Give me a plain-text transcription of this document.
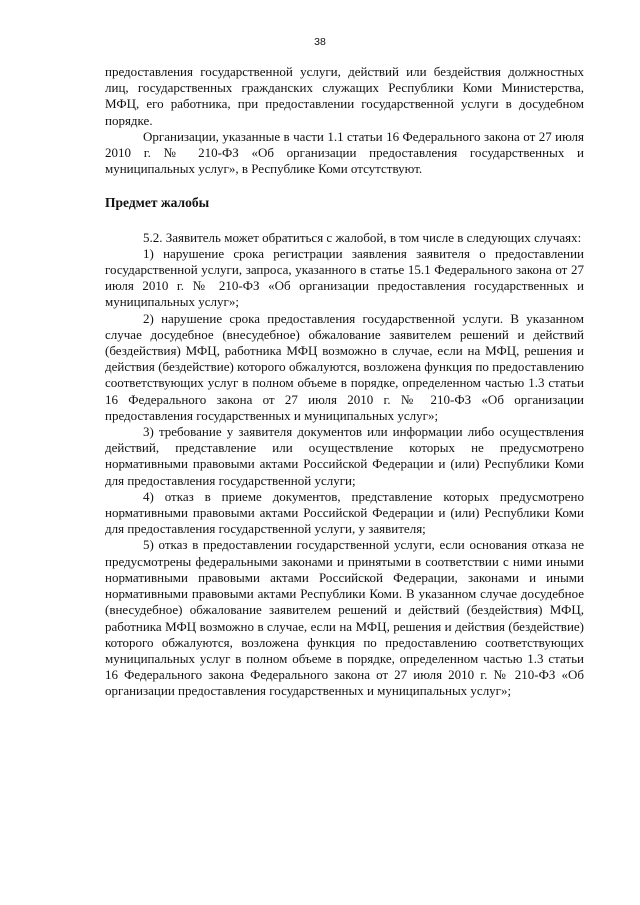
38

предоставления государственной услуги, действий или бездействия должностных лиц, государственных гражданских служащих Республики Коми Министерства, МФЦ, его работника, при предоставлении государственной услуги в досудебном порядке.

Организации, указанные в части 1.1 статьи 16 Федерального закона от 27 июля 2010 г. № 210-ФЗ «Об организации предоставления государственных и муниципальных услуг», в Республике Коми отсутствуют.

Предмет жалобы

5.2. Заявитель может обратиться с жалобой, в том числе в следующих случаях:

1) нарушение срока регистрации заявления заявителя о предоставлении государственной услуги, запроса, указанного в статье 15.1 Федерального закона от 27 июля 2010 г. № 210-ФЗ «Об организации предоставления государственных и муниципальных услуг»;

2) нарушение срока предоставления государственной услуги. В указанном случае досудебное (внесудебное) обжалование заявителем решений и действий (бездействия) МФЦ, работника МФЦ возможно в случае, если на МФЦ, решения и действия (бездействие) которого обжалуются, возложена функция по предоставлению соответствующих услуг в полном объеме в порядке, определенном частью 1.3 статьи 16 Федерального закона от 27 июля 2010 г. № 210-ФЗ «Об организации предоставления государственных и муниципальных услуг»;

3) требование у заявителя документов или информации либо осуществления действий, представление или осуществление которых не предусмотрено нормативными правовыми актами Российской Федерации и (или) Республики Коми для предоставления государственной услуги;

4) отказ в приеме документов, представление которых предусмотрено нормативными правовыми актами Российской Федерации и (или) Республики Коми для предоставления государственной услуги, у заявителя;

5) отказ в предоставлении государственной услуги, если основания отказа не предусмотрены федеральными законами и принятыми в соответствии с ними иными нормативными правовыми актами Российской Федерации, законами и иными нормативными правовыми актами Республики Коми. В указанном случае досудебное (внесудебное) обжалование заявителем решений и действий (бездействия) МФЦ, работника МФЦ возможно в случае, если на МФЦ, решения и действия (бездействие) которого обжалуются, возложена функция по предоставлению соответствующих муниципальных услуг в полном объеме в порядке, определенном частью 1.3 статьи 16 Федерального закона Федерального закона от 27 июля 2010 г. № 210-ФЗ «Об организации предоставления государственных и муниципальных услуг»;
